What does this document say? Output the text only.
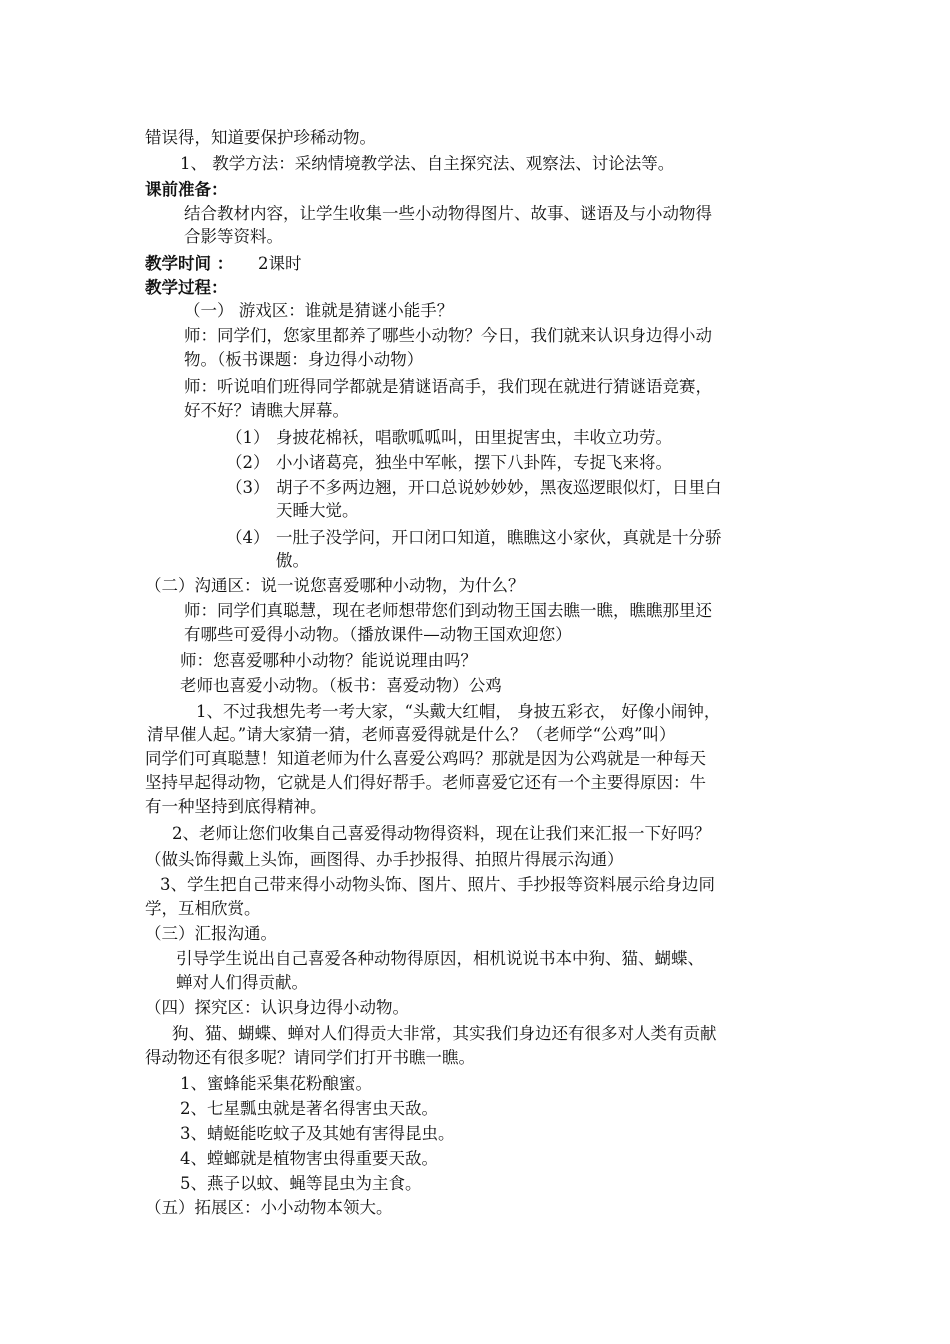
错误得，知道要保护珍稀动物。
1、 教学方法：采纳情境教学法、自主探究法、观察法、讨论法等。
课前准备：
结合教材内容，让学生收集一些小动物得图片、故事、谜语及与小动物得
合影等资料。
教学时间 ： 2课时
教学过程：
（一） 游戏区：谁就是猜谜小能手？
师：同学们，您家里都养了哪些小动物？今日，我们就来认识身边得小动
物。（板书课题：身边得小动物）
师：听说咱们班得同学都就是猜谜语高手，我们现在就进行猜谜语竞赛，
好不好？请瞧大屏幕。
（1） 身披花棉袄，唱歌呱呱叫，田里捉害虫，丰收立功劳。
（2） 小小诸葛亮，独坐中军帐，摆下八卦阵，专捉飞来将。
（3） 胡子不多两边翘，开口总说妙妙妙，黑夜巡逻眼似灯，日里白
天睡大觉。
（4） 一肚子没学问，开口闭口知道，瞧瞧这小家伙，真就是十分骄
傲。
（二）沟通区：说一说您喜爱哪种小动物，为什么？
师：同学们真聪慧，现在老师想带您们到动物王国去瞧一瞧，瞧瞧那里还
有哪些可爱得小动物。（播放课件—动物王国欢迎您）
师：您喜爱哪种小动物？能说说理由吗？
老师也喜爱小动物。（板书：喜爱动物）公鸡
1、不过我想先考一考大家，“头戴大红帽， 身披五彩衣， 好像小闹钟，
清早催人起。”请大家猜一猜，老师喜爱得就是什么？（老师学“公鸡”叫）
同学们可真聪慧！知道老师为什么喜爱公鸡吗？那就是因为公鸡就是一种每天
坚持早起得动物，它就是人们得好帮手。老师喜爱它还有一个主要得原因：牛
有一种坚持到底得精神。
2、老师让您们收集自己喜爱得动物得资料，现在让我们来汇报一下好吗？
（做头饰得戴上头饰，画图得、办手抄报得、拍照片得展示沟通）
3、学生把自己带来得小动物头饰、图片、照片、手抄报等资料展示给身边同
学，互相欣赏。
（三）汇报沟通。
引导学生说出自己喜爱各种动物得原因，相机说说书本中狗、猫、蝴蝶、
蝉对人们得贡献。
（四）探究区：认识身边得小动物。
狗、猫、蝴蝶、蝉对人们得贡大非常，其实我们身边还有很多对人类有贡献
得动物还有很多呢？请同学们打开书瞧一瞧。
1、蜜蜂能采集花粉酿蜜。
2、七星瓢虫就是著名得害虫天敌。
3、蜻蜓能吃蚊子及其她有害得昆虫。
4、螳螂就是植物害虫得重要天敌。
5、燕子以蚊、蝇等昆虫为主食。
（五）拓展区：小小动物本领大。
